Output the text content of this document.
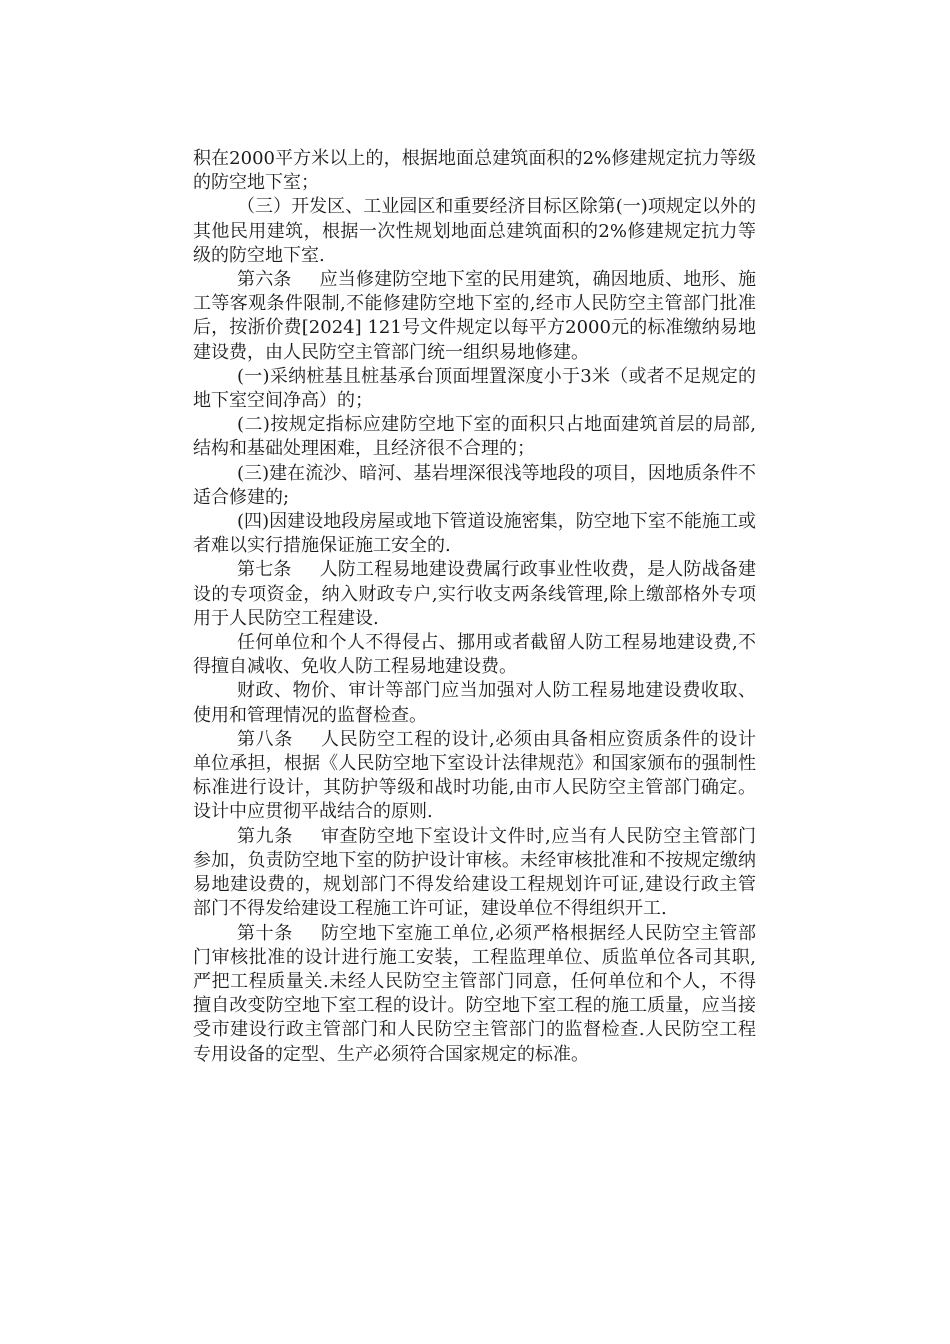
积在2000平方米以上的，根据地面总建筑面积的2%修建规定抗力等级的防空地下室；

（三）开发区、工业园区和重要经济目标区除第(一)项规定以外的其他民用建筑，根据一次性规划地面总建筑面积的2%修建规定抗力等级的防空地下室.

第六条 应当修建防空地下室的民用建筑，确因地质、地形、施工等客观条件限制,不能修建防空地下室的,经市人民防空主管部门批准后，按浙价费[2024] 121号文件规定以每平方2000元的标准缴纳易地建设费，由人民防空主管部门统一组织易地修建。

(一)采纳桩基且桩基承台顶面埋置深度小于3米（或者不足规定的地下室空间净高）的；

(二)按规定指标应建防空地下室的面积只占地面建筑首层的局部,结构和基础处理困难，且经济很不合理的；

(三)建在流沙、暗河、基岩埋深很浅等地段的项目，因地质条件不适合修建的;

(四)因建设地段房屋或地下管道设施密集，防空地下室不能施工或者难以实行措施保证施工安全的.

第七条 人防工程易地建设费属行政事业性收费，是人防战备建设的专项资金，纳入财政专户,实行收支两条线管理,除上缴部格外专项用于人民防空工程建设.

任何单位和个人不得侵占、挪用或者截留人防工程易地建设费,不得擅自减收、免收人防工程易地建设费。

财政、物价、审计等部门应当加强对人防工程易地建设费收取、使用和管理情况的监督检查。

第八条 人民防空工程的设计,必须由具备相应资质条件的设计单位承担，根据《人民防空地下室设计法律规范》和国家颁布的强制性标准进行设计，其防护等级和战时功能,由市人民防空主管部门确定。设计中应贯彻平战结合的原则.

第九条 审查防空地下室设计文件时,应当有人民防空主管部门参加，负责防空地下室的防护设计审核。未经审核批准和不按规定缴纳易地建设费的，规划部门不得发给建设工程规划许可证,建设行政主管部门不得发给建设工程施工许可证，建设单位不得组织开工.

第十条 防空地下室施工单位,必须严格根据经人民防空主管部门审核批准的设计进行施工安装，工程监理单位、质监单位各司其职,严把工程质量关.未经人民防空主管部门同意，任何单位和个人，不得擅自改变防空地下室工程的设计。防空地下室工程的施工质量，应当接受市建设行政主管部门和人民防空主管部门的监督检查.人民防空工程专用设备的定型、生产必须符合国家规定的标准。
